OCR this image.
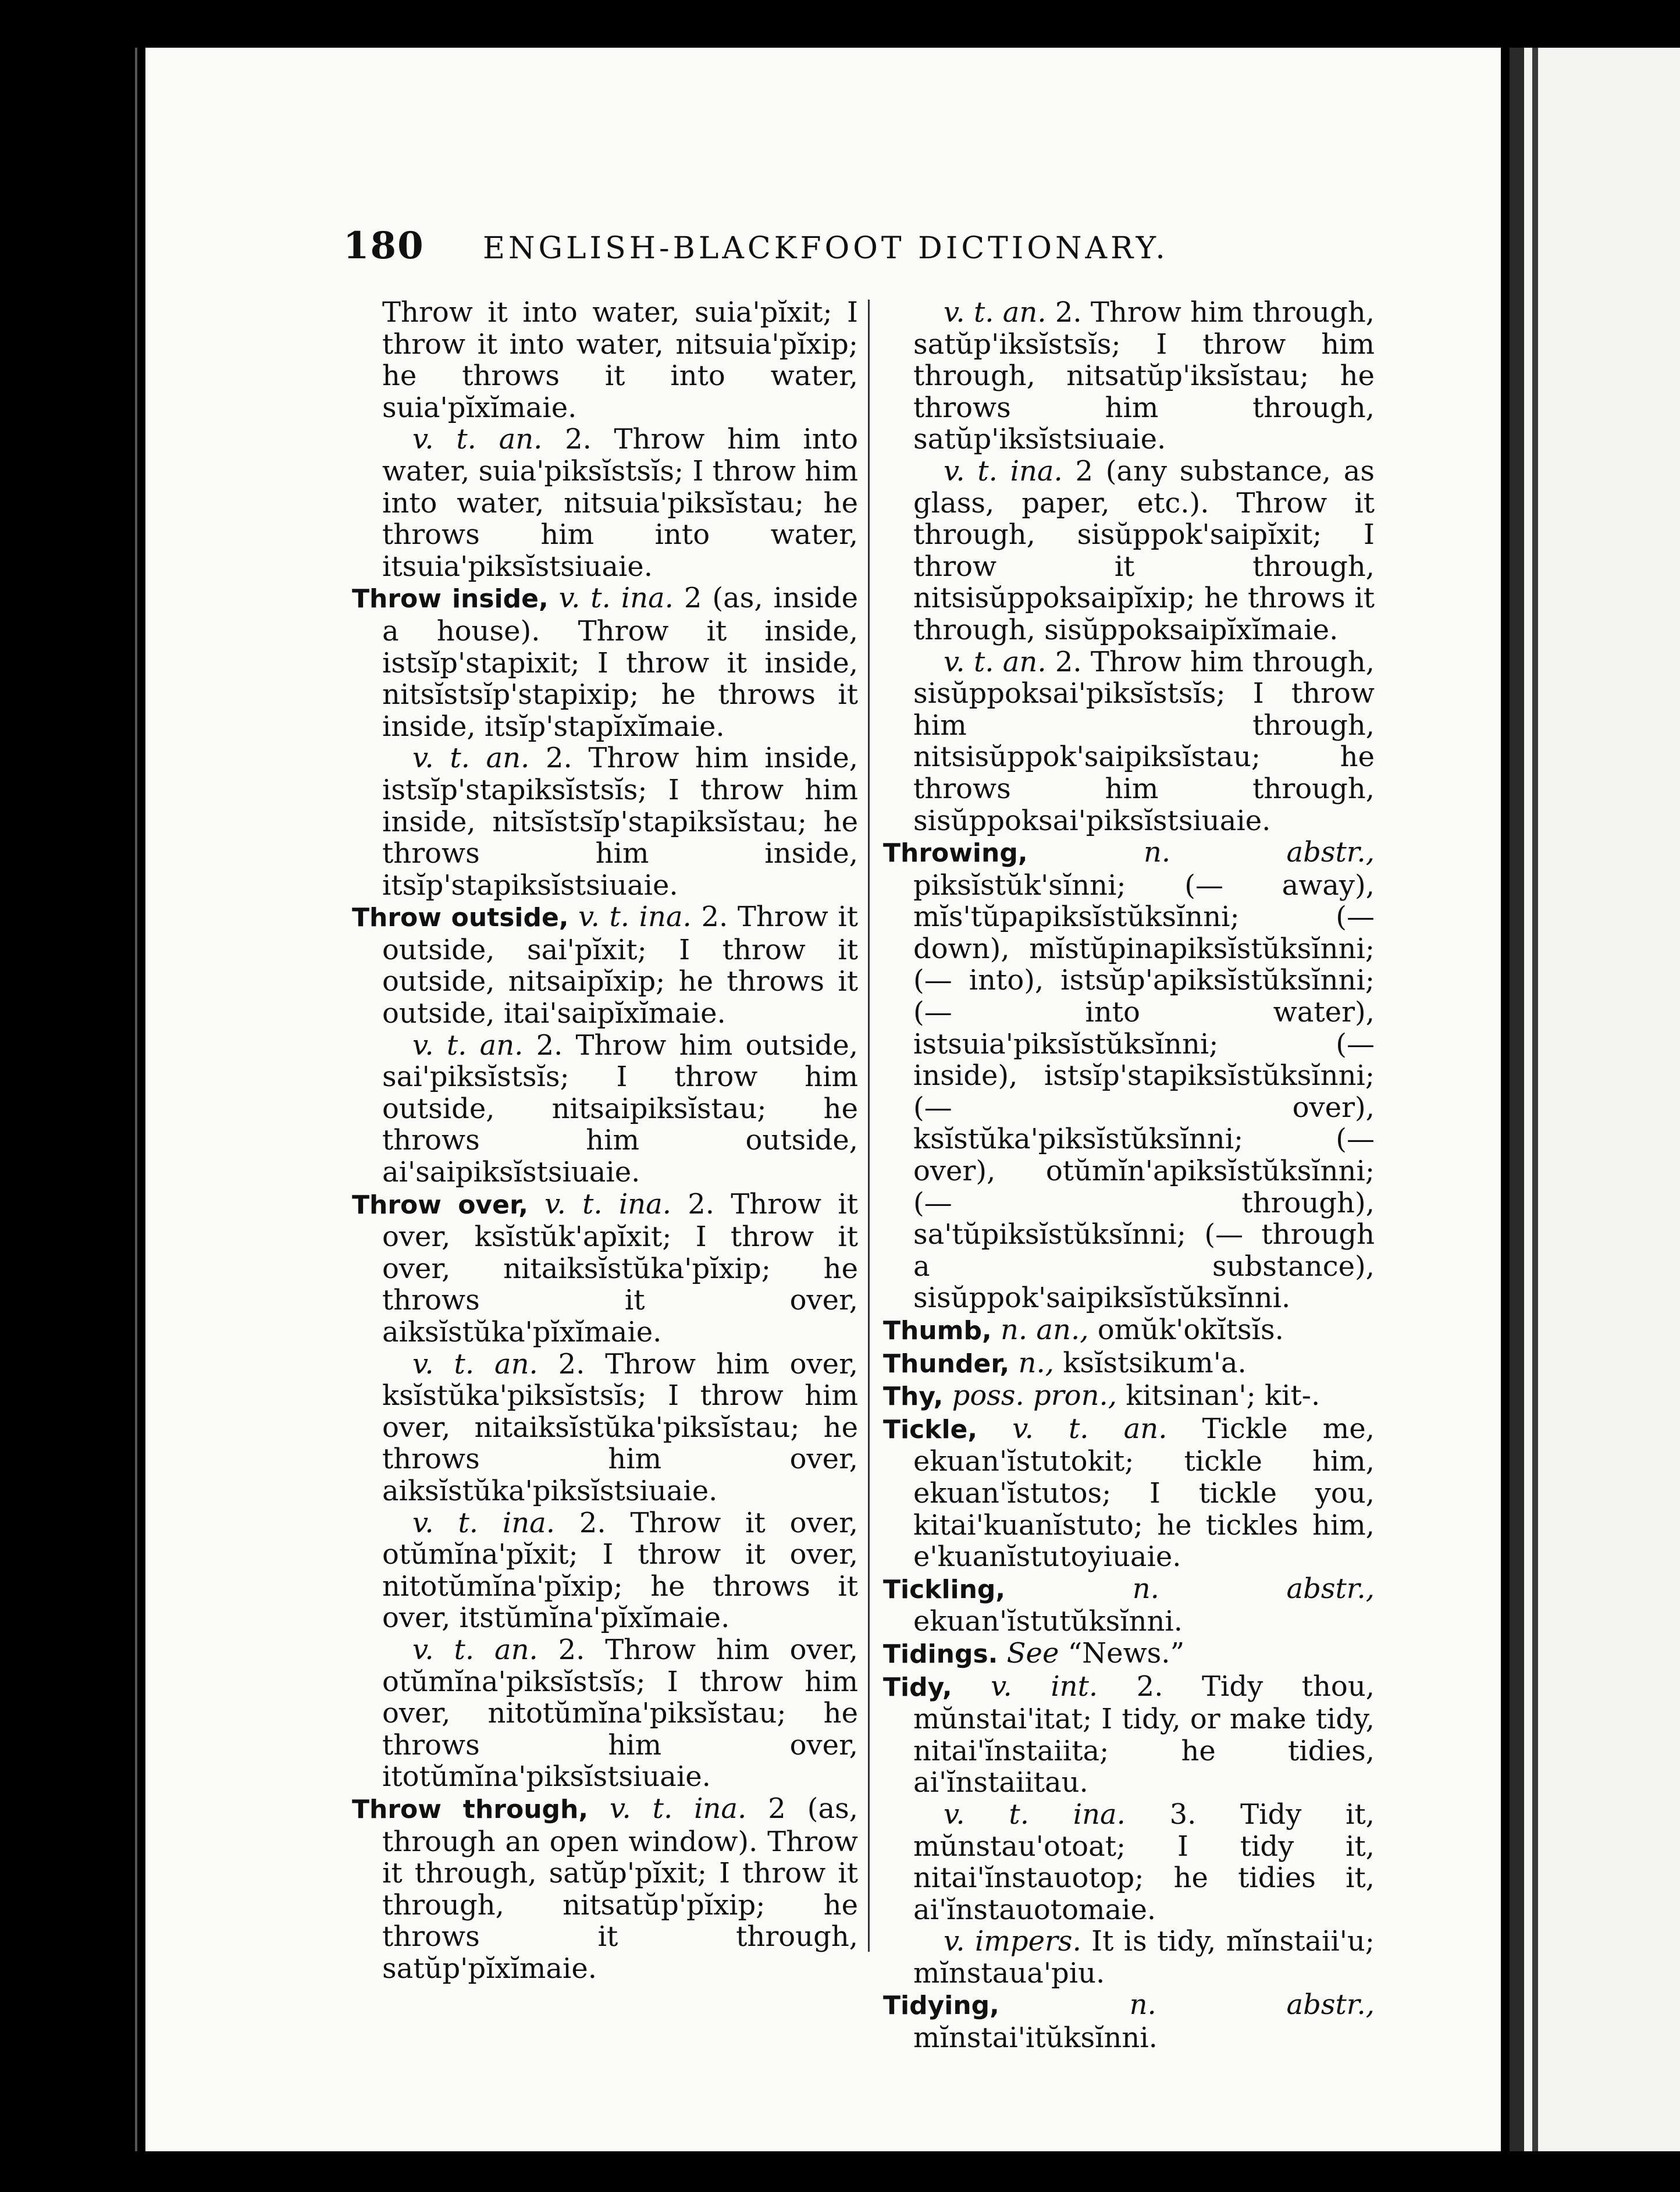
180	ENGLISH-BLACKFOOT DICTIONARY.

Throw it into water, suia'pĭxit; I throw it into water, nitsuia'pĭxip; he throws it into water, suia'pĭxĭmaie.

v. t. an. 2. Throw him into water, suia'piksĭstsĭs; I throw him into water, nitsuia'piksĭstau; he throws him into water, itsuia'piksĭstsiuaie.

Throw inside, v. t. ina. 2 (as, inside a house). Throw it inside, istsĭp'stapixit; I throw it inside, nitsĭstsĭp'stapixip; he throws it inside, itsĭp'stapĭxĭmaie.

v. t. an. 2. Throw him inside, istsĭp'stapiksĭstsĭs; I throw him inside, nitsĭstsĭp'stapiksĭstau; he throws him inside, itsĭp'stapiksĭstsiuaie.

Throw outside, v. t. ina. 2. Throw it outside, sai'pĭxit; I throw it outside, nitsaipĭxip; he throws it outside, itai'saipĭxĭmaie.

v. t. an. 2. Throw him outside, sai'piksĭstsĭs; I throw him outside, nitsaipiksĭstau; he throws him outside, ai'saipiksĭstsiuaie.

Throw over, v. t. ina. 2. Throw it over, ksĭstŭk'apĭxit; I throw it over, nitaiksĭstŭka'pĭxip; he throws it over, aiksĭstŭka'pĭxĭmaie.

v. t. an. 2. Throw him over, ksĭstŭka'piksĭstsĭs; I throw him over, nitaiksĭstŭka'piksĭstau; he throws him over, aiksĭstŭka'piksĭstsiuaie.

v. t. ina. 2. Throw it over, otŭmĭna'pĭxit; I throw it over, nitotŭmĭna'pĭxip; he throws it over, itstŭmĭna'pĭxĭmaie.

v. t. an. 2. Throw him over, otŭmĭna'piksĭstsĭs; I throw him over, nitotŭmĭna'piksĭstau; he throws him over, itotŭmĭna'piksĭstsiuaie.

Throw through, v. t. ina. 2 (as, through an open window). Throw it through, satŭp'pĭxit; I throw it through, nitsatŭp'pĭxip; he throws it through, satŭp'pĭxĭmaie.

v. t. an. 2. Throw him through, satŭp'iksĭstsĭs; I throw him through, nitsatŭp'iksĭstau; he throws him through, satŭp'iksĭstsiuaie.

v. t. ina. 2 (any substance, as glass, paper, etc.). Throw it through, sisŭppok'saipĭxit; I throw it through, nitsisŭppoksaipĭxip; he throws it through, sisŭppoksaipĭxĭmaie.

v. t. an. 2. Throw him through, sisŭppoksai'piksĭstsĭs; I throw him through, nitsisŭppok'saipiksĭstau; he throws him through, sisŭppoksai'piksĭstsiuaie.

Throwing,	n. abstr., piksĭstŭk'sĭnni; (— away), mĭs'tŭpapiksĭstŭksĭnni; (— down), mĭstŭpinapiksĭstŭksĭnni; (— into), istsŭp'apiksĭstŭksĭnni; (— into water), istsuia'piksĭstŭksĭnni; (— inside), istsĭp'stapiksĭstŭksĭnni; (— over), ksĭstŭka'piksĭstŭksĭnni; (— over), otŭmĭn'apiksĭstŭksĭnni; (— through), sa'tŭpiksĭstŭksĭnni; (— through a substance), sisŭppok'saipiksĭstŭksĭnni.

Thumb, n. an., omŭk'okĭtsĭs.

Thunder, n., ksĭstsikum'a.

Thy, poss. pron., kitsinan'; kit-.

Tickle, v. t. an. Tickle me, ekuan'ĭstutokit; tickle him, ekuan'ĭstutos; I tickle you, kitai'kuanĭstuto; he tickles him, e'kuanĭstutoyiuaie.

Tickling,	n. abstr., ekuan'ĭstutŭksĭnni.

Tidings. See “News.”

Tidy, v. int. 2. Tidy thou, mŭnstai'itat; I tidy, or make tidy, nitai'ĭnstaiita; he tidies, ai'ĭnstaiitau.

v. t. ina. 3. Tidy it, mŭnstau'otoat; I tidy it, nitai'ĭnstauotop; he tidies it, ai'ĭnstauotomaie.

v. impers. It is tidy, mĭnstaii'u; mĭnstaua'piu.

Tidying,	n. abstr., mĭnstai'itŭksĭnni.
